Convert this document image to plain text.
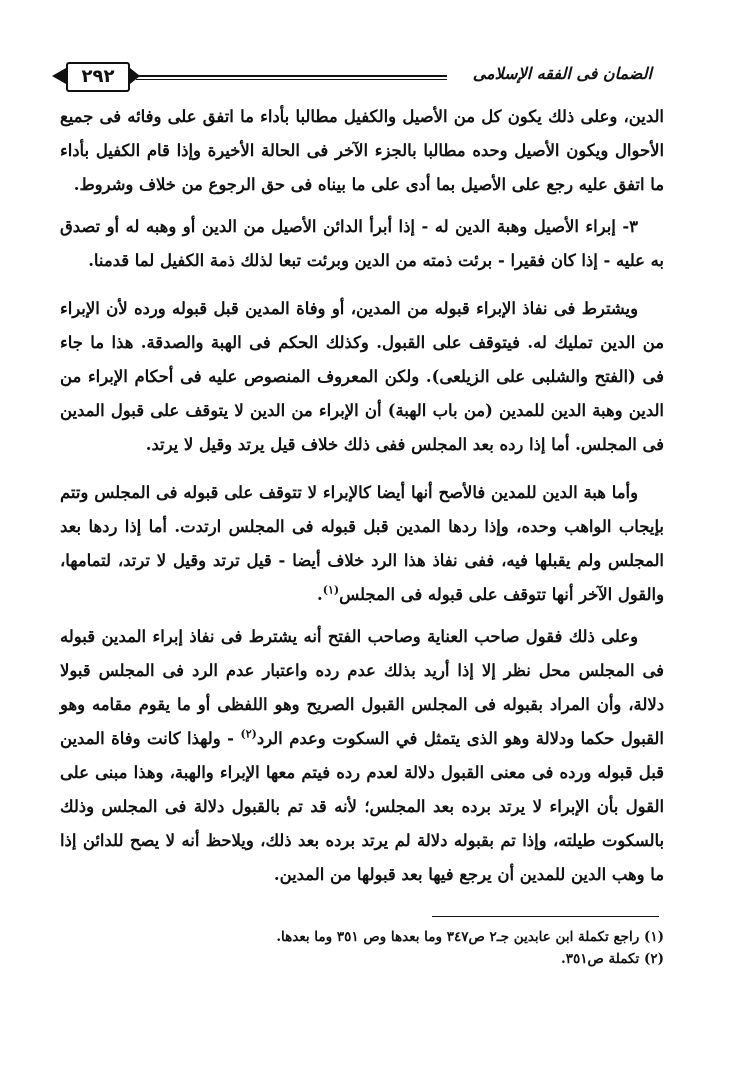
٢٩٢	الضمان فى الفقه الإسلامى

الدين، وعلى ذلك يكون كل من الأصيل والكفيل مطالبا بأداء ما اتفق على وفائه فى جميع الأحوال ويكون الأصيل وحده مطالبا بالجزء الآخر فى الحالة الأخيرة وإذا قام الكفيل بأداء ما اتفق عليه رجع على الأصيل بما أدى على ما بيناه فى حق الرجوع من خلاف وشروط.

٣- إبراء الأصيل وهبة الدين له - إذا أبرأ الدائن الأصيل من الدين أو وهبه له أو تصدق به عليه - إذا كان فقيرا - برئت ذمته من الدين وبرئت تبعا لذلك ذمة الكفيل لما قدمنا.

ويشترط فى نفاذ الإبراء قبوله من المدين، أو وفاة المدين قبل قبوله ورده لأن الإبراء من الدين تمليك له. فيتوقف على القبول. وكذلك الحكم فى الهبة والصدقة. هذا ما جاء فى (الفتح والشلبى على الزيلعى). ولكن المعروف المنصوص عليه فى أحكام الإبراء من الدين وهبة الدين للمدين (من باب الهبة) أن الإبراء من الدين لا يتوقف على قبول المدين فى المجلس. أما إذا رده بعد المجلس ففى ذلك خلاف قيل يرتد وقيل لا يرتد.

وأما هبة الدين للمدين فالأصح أنها أيضا كالإبراء لا تتوقف على قبوله فى المجلس وتتم بإيجاب الواهب وحده، وإذا ردها المدين قبل قبوله فى المجلس ارتدت. أما إذا ردها بعد المجلس ولم يقبلها فيه، ففى نفاذ هذا الرد خلاف أيضا - قيل ترتد وقيل لا ترتد، لتمامها، والقول الآخر أنها تتوقف على قبوله فى المجلس$^{(١)}$.

وعلى ذلك فقول صاحب العناية وصاحب الفتح أنه يشترط فى نفاذ إبراء المدين قبوله فى المجلس محل نظر إلا إذا أريد بذلك عدم رده واعتبار عدم الرد فى المجلس قبولا دلالة، وأن المراد بقبوله فى المجلس القبول الصريح وهو اللفظى أو ما يقوم مقامه وهو القبول حكما ودلالة وهو الذى يتمثل في السكوت وعدم الرد$^{(٢)}$ - ولهذا كانت وفاة المدين قبل قبوله ورده فى معنى القبول دلالة لعدم رده فيتم معها الإبراء والهبة، وهذا مبنى على القول بأن الإبراء لا يرتد برده بعد المجلس؛ لأنه قد تم بالقبول دلالة فى المجلس وذلك بالسكوت طيلته، وإذا تم بقبوله دلالة لم يرتد برده بعد ذلك، ويلاحظ أنه لا يصح للدائن إذا ما وهب الدين للمدين أن يرجع فيها بعد قبولها من المدين.

(١) راجع تكملة ابن عابدين جـ٢ ص٣٤٧ وما بعدها وص ٣٥١ وما بعدها.

(٢) تكملة ص٣٥١.
